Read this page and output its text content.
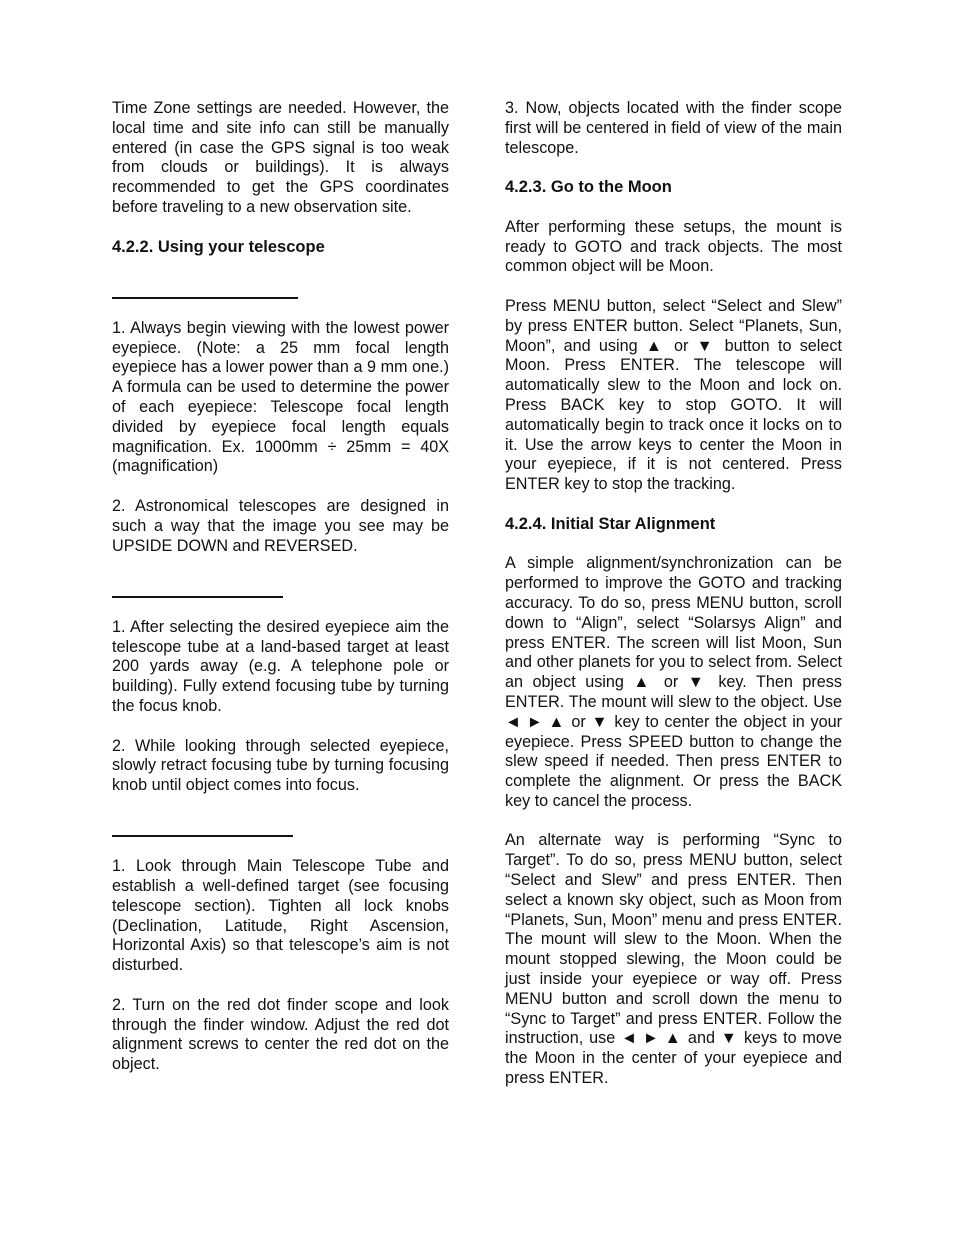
Time Zone settings are needed. However, the local time and site info can still be manually entered (in case the GPS signal is too weak from clouds or buildings). It is always recommended to get the GPS coordinates before traveling to a new observation site.

4.2.2. Using your telescope

1. Always begin viewing with the lowest power eyepiece. (Note: a 25 mm focal length eyepiece has a lower power than a 9 mm one.) A formula can be used to determine the power of each eyepiece: Telescope focal length divided by eyepiece focal length equals magnification. Ex. 1000mm ÷ 25mm = 40X (magnification)

2. Astronomical telescopes are designed in such a way that the image you see may be UPSIDE DOWN and REVERSED.

1. After selecting the desired eyepiece aim the telescope tube at a land-based target at least 200 yards away (e.g. A telephone pole or building). Fully extend focusing tube by turning the focus knob.

2. While looking through selected eyepiece, slowly retract focusing tube by turning focusing knob until object comes into focus.

1. Look through Main Telescope Tube and establish a well-defined target (see focusing telescope section). Tighten all lock knobs (Declination, Latitude, Right Ascension, Horizontal Axis) so that telescope’s aim is not disturbed.

2. Turn on the red dot finder scope and look through the finder window. Adjust the red dot alignment screws to center the red dot on the object.

3. Now, objects located with the finder scope first will be centered in field of view of the main telescope.

4.2.3. Go to the Moon

After performing these setups, the mount is ready to GOTO and track objects. The most common object will be Moon.

Press MENU button, select “Select and Slew” by press ENTER button. Select “Planets, Sun, Moon”, and using ▲ or ▼ button to select Moon. Press ENTER. The telescope will automatically slew to the Moon and lock on. Press BACK key to stop GOTO. It will automatically begin to track once it locks on to it. Use the arrow keys to center the Moon in your eyepiece, if it is not centered. Press ENTER key to stop the tracking.

4.2.4. Initial Star Alignment

A simple alignment/synchronization can be performed to improve the GOTO and tracking accuracy. To do so, press MENU button, scroll down to “Align”, select “Solarsys Align” and press ENTER. The screen will list Moon, Sun and other planets for you to select from. Select an object using ▲ or ▼ key. Then press ENTER. The mount will slew to the object. Use ◄ ► ▲ or ▼ key to center the object in your eyepiece. Press SPEED button to change the slew speed if needed. Then press ENTER to complete the alignment. Or press the BACK key to cancel the process.

An alternate way is performing “Sync to Target”. To do so, press MENU button, select “Select and Slew” and press ENTER. Then select a known sky object, such as Moon from “Planets, Sun, Moon” menu and press ENTER. The mount will slew to the Moon. When the mount stopped slewing, the Moon could be just inside your eyepiece or way off. Press MENU button and scroll down the menu to “Sync to Target” and press ENTER. Follow the instruction, use ◄ ► ▲ and ▼ keys to move the Moon in the center of your eyepiece and press ENTER.
